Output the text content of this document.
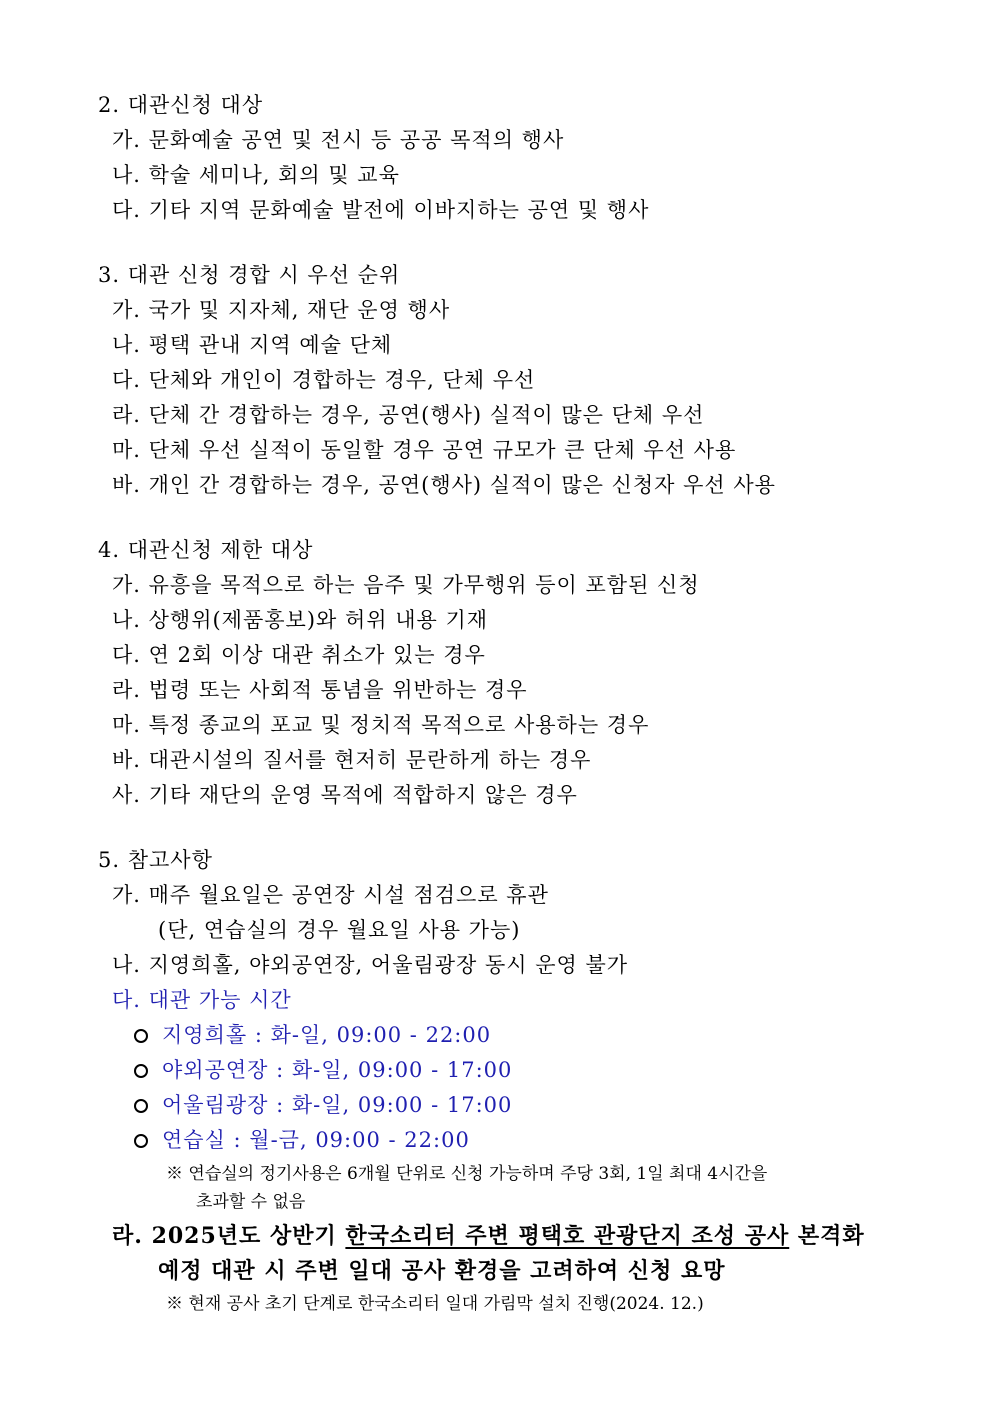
2. 대관신청 대상
가. 문화예술 공연 및 전시 등 공공 목적의 행사
나. 학술 세미나, 회의 및 교육
다. 기타 지역 문화예술 발전에 이바지하는 공연 및 행사
3. 대관 신청 경합 시 우선 순위
가. 국가 및 지자체, 재단 운영 행사
나. 평택 관내 지역 예술 단체
다. 단체와 개인이 경합하는 경우, 단체 우선
라. 단체 간 경합하는 경우, 공연(행사) 실적이 많은 단체 우선
마. 단체 우선 실적이 동일할 경우 공연 규모가 큰 단체 우선 사용
바. 개인 간 경합하는 경우, 공연(행사) 실적이 많은 신청자 우선 사용
4. 대관신청 제한 대상
가. 유흥을 목적으로 하는 음주 및 가무행위 등이 포함된 신청
나. 상행위(제품홍보)와 허위 내용 기재
다. 연 2회 이상 대관 취소가 있는 경우
라. 법령 또는 사회적 통념을 위반하는 경우
마. 특정 종교의 포교 및 정치적 목적으로 사용하는 경우
바. 대관시설의 질서를 현저히 문란하게 하는 경우
사. 기타 재단의 운영 목적에 적합하지 않은 경우
5. 참고사항
가. 매주 월요일은 공연장 시설 점검으로 휴관
(단, 연습실의 경우 월요일 사용 가능)
나. 지영희홀, 야외공연장, 어울림광장 동시 운영 불가
다. 대관 가능 시간
지영희홀 : 화-일, 09:00 - 22:00
야외공연장 : 화-일, 09:00 - 17:00
어울림광장 : 화-일, 09:00 - 17:00
연습실 : 월-금, 09:00 - 22:00
※ 연습실의 정기사용은 6개월 단위로 신청 가능하며 주당 3회, 1일 최대 4시간을
초과할 수 없음
라. 2025년도 상반기 한국소리터 주변 평택호 관광단지 조성 공사 본격화
예정 대관 시 주변 일대 공사 환경을 고려하여 신청 요망
※ 현재 공사 초기 단계로 한국소리터 일대 가림막 설치 진행(2024. 12.)
